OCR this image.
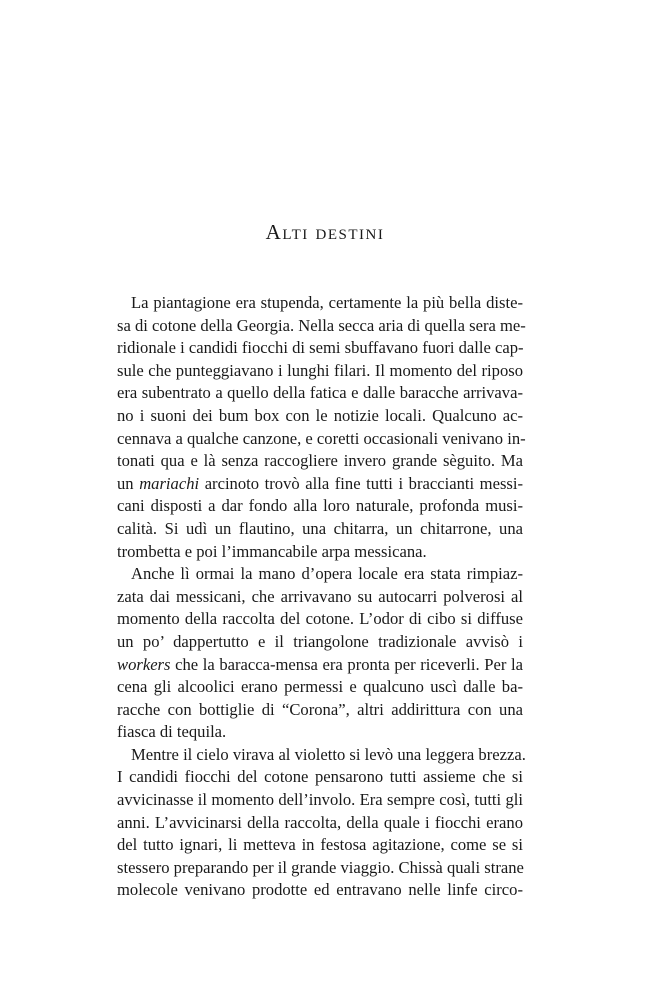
Alti destini
La piantagione era stupenda, certamente la più bella diste-
sa di cotone della Georgia. Nella secca aria di quella sera me-
ridionale i candidi fiocchi di semi sbuffavano fuori dalle cap-
sule che punteggiavano i lunghi filari. Il momento del riposo
era subentrato a quello della fatica e dalle baracche arrivava-
no i suoni dei bum box con le notizie locali. Qualcuno ac-
cennava a qualche canzone, e coretti occasionali venivano in-
tonati qua e là senza raccogliere invero grande sèguito. Ma
un mariachi arcinoto trovò alla fine tutti i braccianti messi-
cani disposti a dar fondo alla loro naturale, profonda musi-
calità. Si udì un flautino, una chitarra, un chitarrone, una
trombetta e poi l’immancabile arpa messicana.
Anche lì ormai la mano d’opera locale era stata rimpiaz-
zata dai messicani, che arrivavano su autocarri polverosi al
momento della raccolta del cotone. L’odor di cibo si diffuse
un po’ dappertutto e il triangolone tradizionale avvisò i
workers che la baracca-mensa era pronta per riceverli. Per la
cena gli alcoolici erano permessi e qualcuno uscì dalle ba-
racche con bottiglie di “Corona”, altri addirittura con una
fiasca di tequila.
Mentre il cielo virava al violetto si levò una leggera brezza.
I candidi fiocchi del cotone pensarono tutti assieme che si
avvicinasse il momento dell’involo. Era sempre così, tutti gli
anni. L’avvicinarsi della raccolta, della quale i fiocchi erano
del tutto ignari, li metteva in festosa agitazione, come se si
stessero preparando per il grande viaggio. Chissà quali strane
molecole venivano prodotte ed entravano nelle linfe circo-
